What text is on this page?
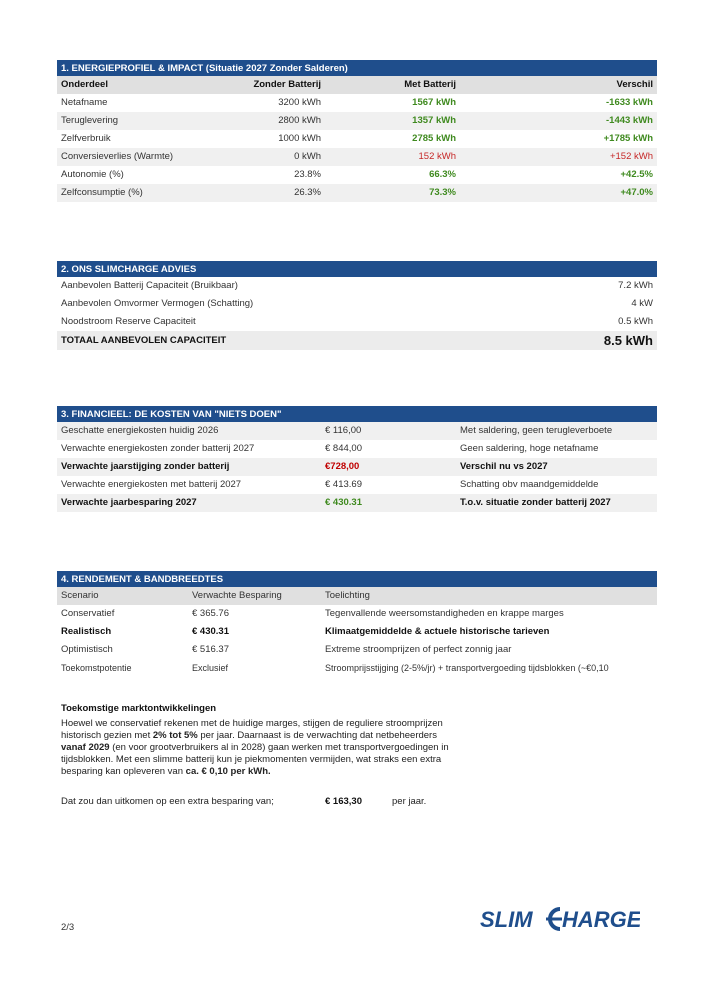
1. ENERGIEPROFIEL & IMPACT (Situatie 2027 Zonder Salderen)
Onderdeel	Zonder Batterij	Met Batterij	Verschil
Netafname	3200 kWh	1567 kWh	-1633 kWh
Teruglevering	2800 kWh	1357 kWh	-1443 kWh
Zelfverbruik	1000 kWh	2785 kWh	+1785 kWh
Conversieverlies (Warmte)	0 kWh	152 kWh	+152 kWh
Autonomie (%)	23.8%	66.3%	+42.5%
Zelfconsumptie (%)	26.3%	73.3%	+47.0%
2. ONS SLIMCHARGE ADVIES
Aanbevolen Batterij Capaciteit (Bruikbaar)	7.2 kWh
Aanbevolen Omvormer Vermogen (Schatting)	4 kW
Noodstroom Reserve Capaciteit	0.5 kWh
TOTAAL AANBEVOLEN CAPACITEIT	8.5 kWh
3. FINANCIEEL: DE KOSTEN VAN "NIETS DOEN"
Geschatte energiekosten huidig 2026	€ 116,00	Met saldering, geen terugleverboete
Verwachte energiekosten zonder batterij 2027	€ 844,00	Geen saldering, hoge netafname
Verwachte jaarstijging zonder batterij	€728,00	Verschil nu vs 2027
Verwachte energiekosten met batterij 2027	€ 413.69	Schatting obv maandgemiddelde
Verwachte jaarbesparing 2027	€ 430.31	T.o.v. situatie zonder batterij 2027
4. RENDEMENT & BANDBREEDTES
Scenario	Verwachte Besparing	Toelichting
Conservatief	€ 365.76	Tegenvallende weersomstandigheden en krappe marges
Realistisch	€ 430.31	Klimaatgemiddelde & actuele historische tarieven
Optimistisch	€ 516.37	Extreme stroomprijzen of perfect zonnig jaar
Toekomstpotentie	Exclusief	Stroomprijsstijging (2-5%/jr) + transportvergoeding tijdsblokken (~€0,10
Toekomstige marktontwikkelingen
Hoewel we conservatief rekenen met de huidige marges, stijgen de reguliere stroomprijzen historisch gezien met 2% tot 5% per jaar. Daarnaast is de verwachting dat netbeheerders vanaf 2029 (en voor grootverbruikers al in 2028) gaan werken met transportvergoedingen in tijdsblokken. Met een slimme batterij kun je piekmomenten vermijden, wat straks een extra besparing kan opleveren van ca. € 0,10 per kWh.
Dat zou dan uitkomen op een extra besparing van;	€ 163,30	per jaar.
2/3	SLIM HARGE
